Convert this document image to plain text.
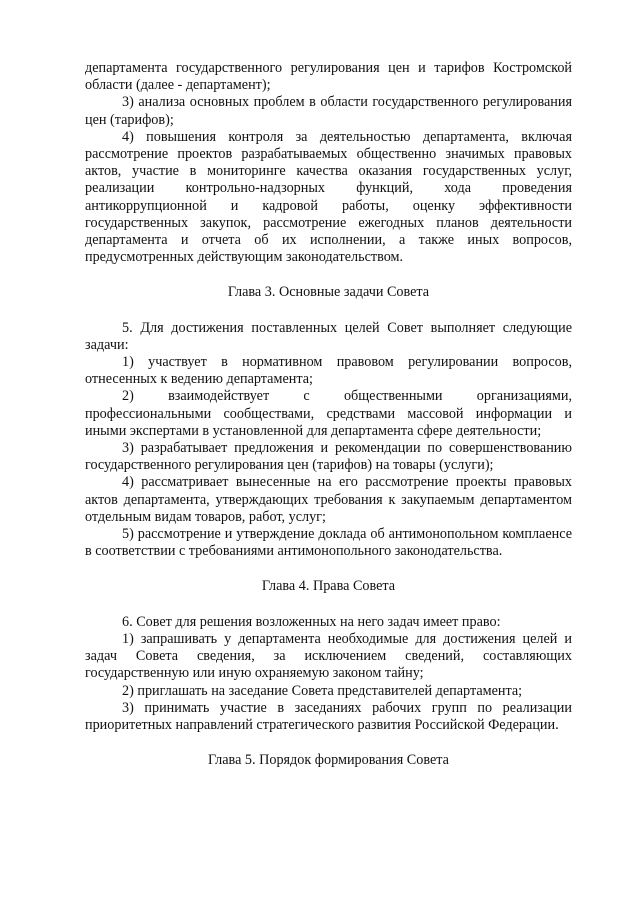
департамента государственного регулирования цен и тарифов Костромской области (далее - департамент);

3) анализа основных проблем в области государственного регулирования цен (тарифов);

4) повышения контроля за деятельностью департамента, включая рассмотрение проектов разрабатываемых общественно значимых правовых актов, участие в мониторинге качества оказания государственных услуг, реализации контрольно-надзорных функций, хода проведения антикоррупционной и кадровой работы, оценку эффективности государственных закупок, рассмотрение ежегодных планов деятельности департамента и отчета об их исполнении, а также иных вопросов, предусмотренных действующим законодательством.

Глава 3. Основные задачи Совета

5. Для достижения поставленных целей Совет выполняет следующие задачи:

1) участвует в нормативном правовом регулировании вопросов, отнесенных к ведению департамента;

2) взаимодействует с общественными организациями, профессиональными сообществами, средствами массовой информации и иными экспертами в установленной для департамента сфере деятельности;

3) разрабатывает предложения и рекомендации по совершенствованию государственного регулирования цен (тарифов) на товары (услуги);

4) рассматривает вынесенные на его рассмотрение проекты правовых актов департамента, утверждающих требования к закупаемым департаментом отдельным видам товаров, работ, услуг;

5) рассмотрение и утверждение доклада об антимонопольном комплаенсе в соответствии с требованиями антимонопольного законодательства.

Глава 4. Права Совета

6. Совет для решения возложенных на него задач имеет право:

1) запрашивать у департамента необходимые для достижения целей и задач Совета сведения, за исключением сведений, составляющих государственную или иную охраняемую законом тайну;

2) приглашать на заседание Совета представителей департамента;

3) принимать участие в заседаниях рабочих групп по реализации приоритетных направлений стратегического развития Российской Федерации.

Глава 5. Порядок формирования Совета
